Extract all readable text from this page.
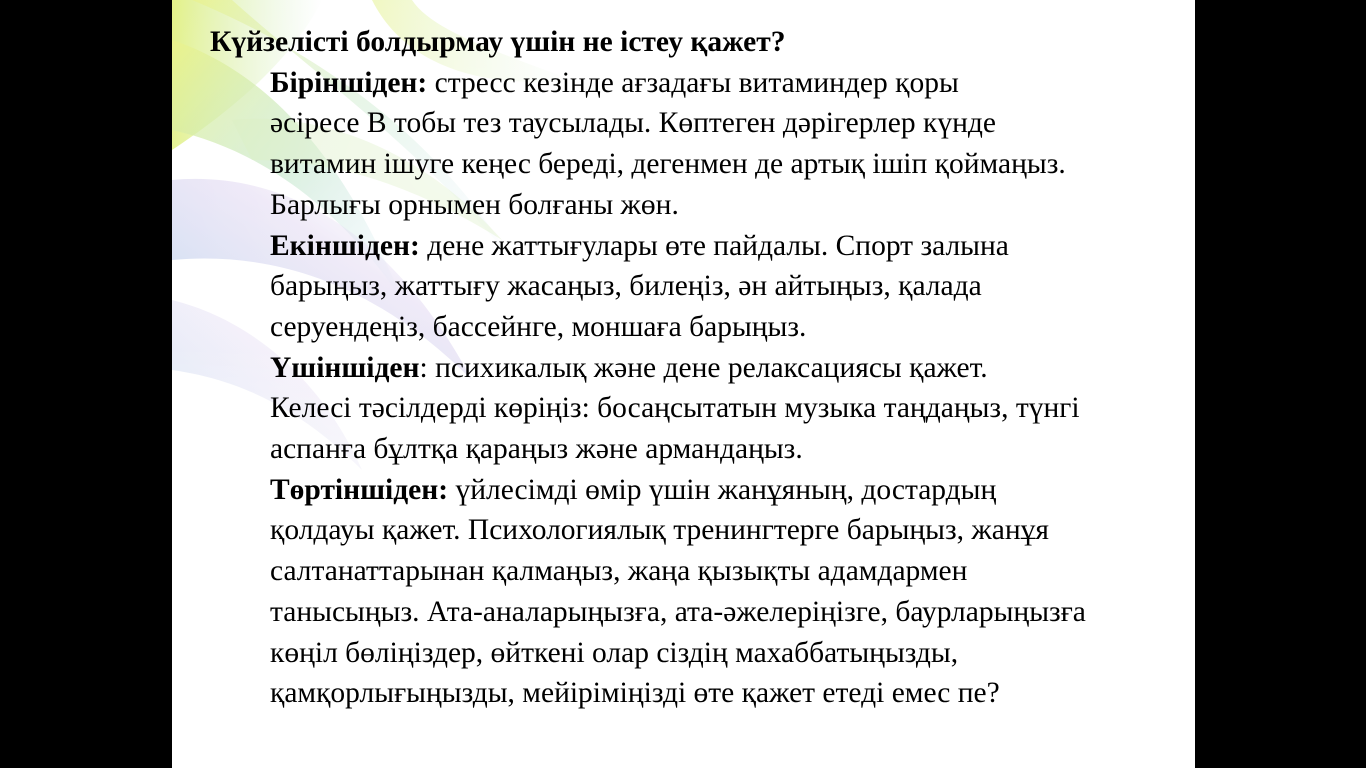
Күйзелісті болдырмау үшін не істеу қажет?

Біріншіден: стресс кезінде ағзадағы витаминдер қоры
әсіресе В тобы тез таусылады. Көптеген дәрігерлер күнде
витамин ішуге кеңес береді, дегенмен де артық ішіп қоймаңыз.
Барлығы орнымен болғаны жөн.

Екіншіден: дене жаттығулары өте пайдалы. Спорт залына
барыңыз, жаттығу жасаңыз, билеңіз, ән айтыңыз, қалада
серуендеңіз, бассейнге, моншаға барыңыз.

Үшіншіден: психикалық және дене релаксациясы қажет.
Келесі тәсілдерді көріңіз: босаңсытатын музыка таңдаңыз, түнгі
аспанға бұлтқа қараңыз және армандаңыз.

Төртіншіден: үйлесімді өмір үшін жанұяның, достардың
қолдауы қажет. Психологиялық тренингтерге барыңыз, жанұя
салтанаттарынан қалмаңыз, жаңа қызықты адамдармен
танысыңыз. Ата-аналарыңызға, ата-әжелеріңізге, баурларыңызға
көңіл бөліңіздер, өйткені олар сіздің махаббатыңызды,
қамқорлығыңызды, мейіріміңізді өте қажет етеді емес пе?
